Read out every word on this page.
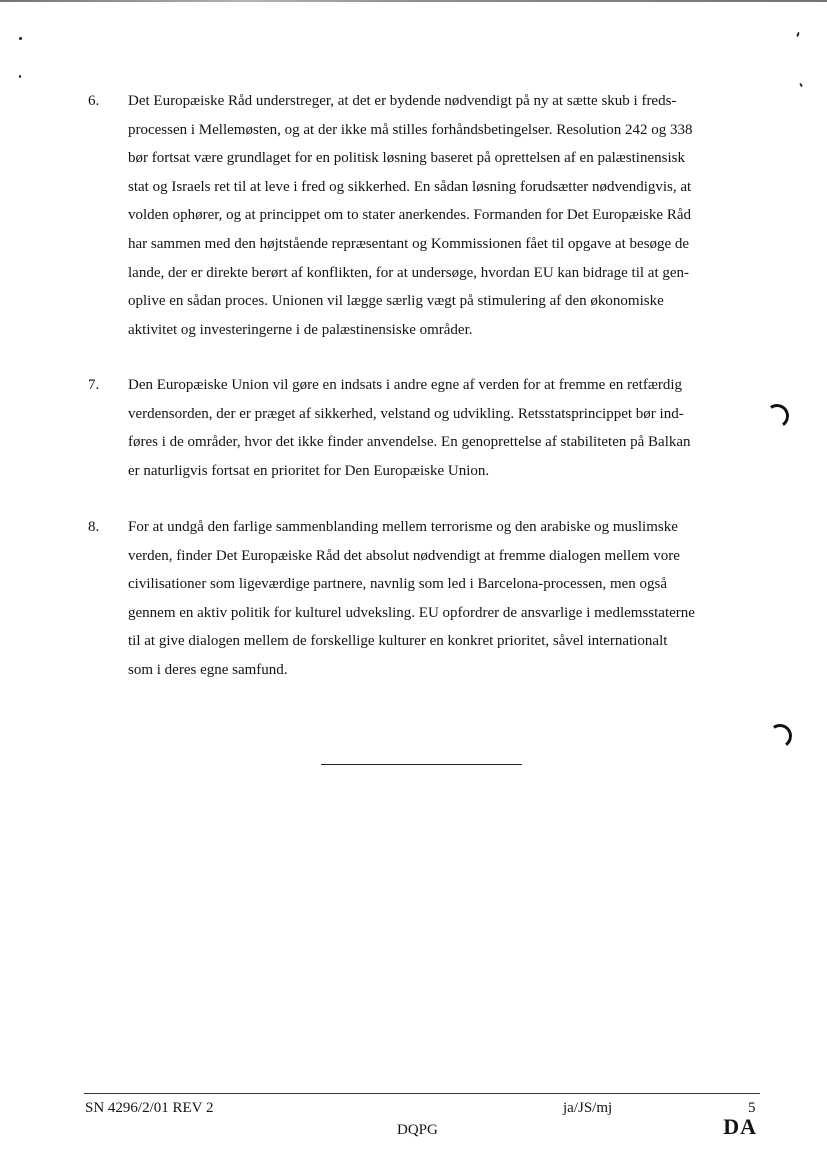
6. Det Europæiske Råd understreger, at det er bydende nødvendigt på ny at sætte skub i freds-
processen i Mellemøsten, og at der ikke må stilles forhåndsbetingelser. Resolution 242 og 338
bør fortsat være grundlaget for en politisk løsning baseret på oprettelsen af en palæstinensisk
stat og Israels ret til at leve i fred og sikkerhed. En sådan løsning forudsætter nødvendigvis, at
volden ophører, og at princippet om to stater anerkendes. Formanden for Det Europæiske Råd
har sammen med den højtstående repræsentant og Kommissionen fået til opgave at besøge de
lande, der er direkte berørt af konflikten, for at undersøge, hvordan EU kan bidrage til at gen-
oplive en sådan proces. Unionen vil lægge særlig vægt på stimulering af den økonomiske
aktivitet og investeringerne i de palæstinensiske områder.
7. Den Europæiske Union vil gøre en indsats i andre egne af verden for at fremme en retfærdig
verdensorden, der er præget af sikkerhed, velstand og udvikling. Retsstatsprincippet bør ind-
føres i de områder, hvor det ikke finder anvendelse. En genoprettelse af stabiliteten på Balkan
er naturligvis fortsat en prioritet for Den Europæiske Union.
8. For at undgå den farlige sammenblanding mellem terrorisme og den arabiske og muslimske
verden, finder Det Europæiske Råd det absolut nødvendigt at fremme dialogen mellem vore
civilisationer som ligeværdige partnere, navnlig som led i Barcelona-processen, men også
gennem en aktiv politik for kulturel udveksling. EU opfordrer de ansvarlige i medlemsstaterne
til at give dialogen mellem de forskellige kulturer en konkret prioritet, såvel internationalt
som i deres egne samfund.
SN 4296/2/01 REV 2
DQPG
ja/JS/mj	5
DA
